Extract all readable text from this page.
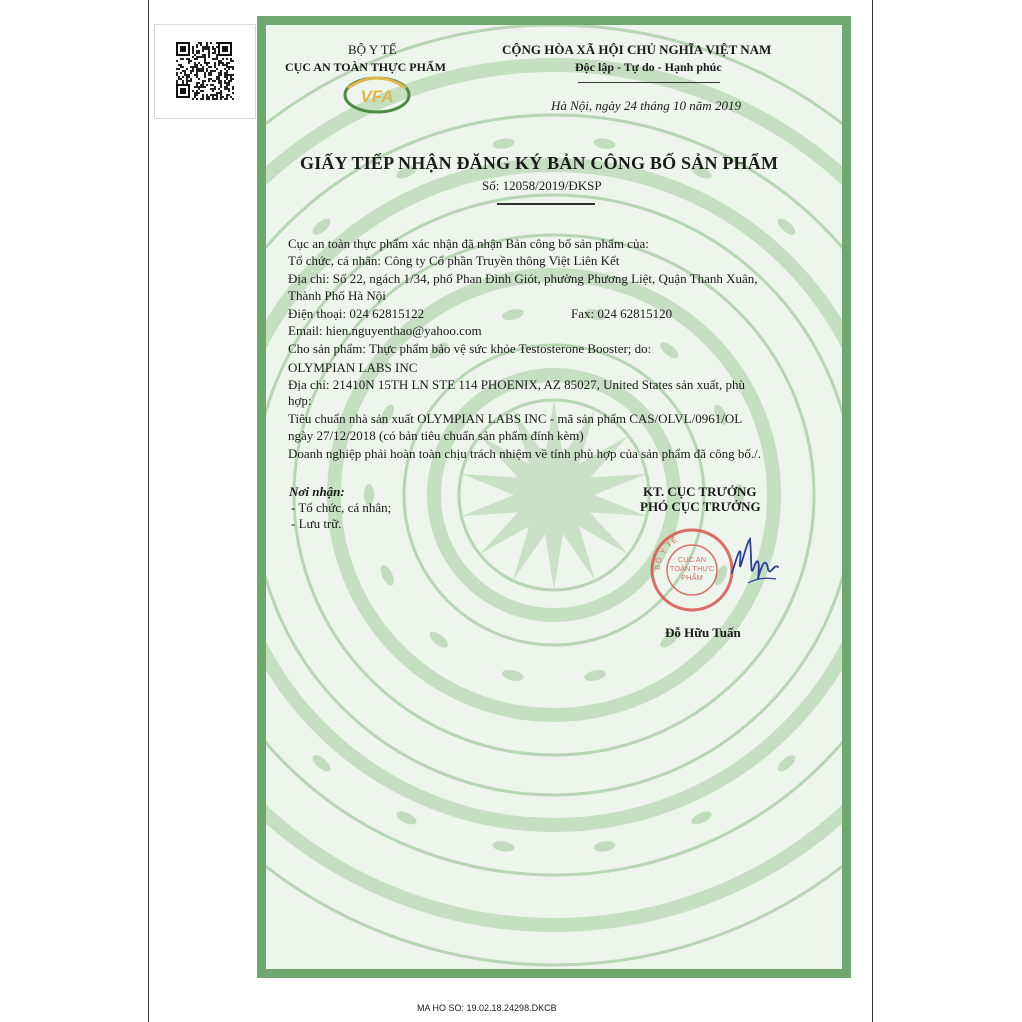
VFA
BỘ Y TẾ
CỤC AN TOÀN THỰC PHẨM
CỘNG HÒA XÃ HỘI CHỦ NGHĨA VIỆT NAM
Độc lập - Tự do - Hạnh phúc
Hà Nội, ngày 24 tháng 10 năm 2019
GIẤY TIẾP NHẬN ĐĂNG KÝ BẢN CÔNG BỐ SẢN PHẨM
Số: 12058/2019/ĐKSP
Cục an toàn thực phẩm xác nhận đã nhận Bản công bố sản phẩm của:
Tổ chức, cá nhân: Công ty Cổ phần Truyền thông Việt Liên Kết
Địa chỉ: Số 22, ngách 1/34, phố Phan Đình Giót, phường Phương Liệt, Quận Thanh Xuân,
Thành Phố Hà Nội
Điện thoại: 024 62815122	Fax: 024 62815120
Email: hien.nguyenthao@yahoo.com
Cho sản phẩm: Thực phẩm bảo vệ sức khỏe Testosterone Booster; do:
OLYMPIAN LABS INC
Địa chỉ: 21410N 15TH LN STE 114 PHOENIX, AZ 85027, United States sản xuất, phù
hợp:
Tiêu chuẩn nhà sản xuất OLYMPIAN LABS INC - mã sản phẩm CAS/OLVL/0961/OL
ngày 27/12/2018 (có bản tiêu chuẩn sản phẩm đính kèm)
Doanh nghiệp phải hoàn toàn chịu trách nhiệm về tính phù hợp của sản phẩm đã công bố./.
Nơi nhận:
- Tổ chức, cá nhân;
- Lưu trữ.
KT. CỤC TRƯỞNG
PHÓ CỤC TRƯỞNG
BỘ Y TẾ
CỤC AN TOÀN THỰC PHẨM
Đỗ Hữu Tuấn
MA HO SO: 19.02.18.24298.DKCB
